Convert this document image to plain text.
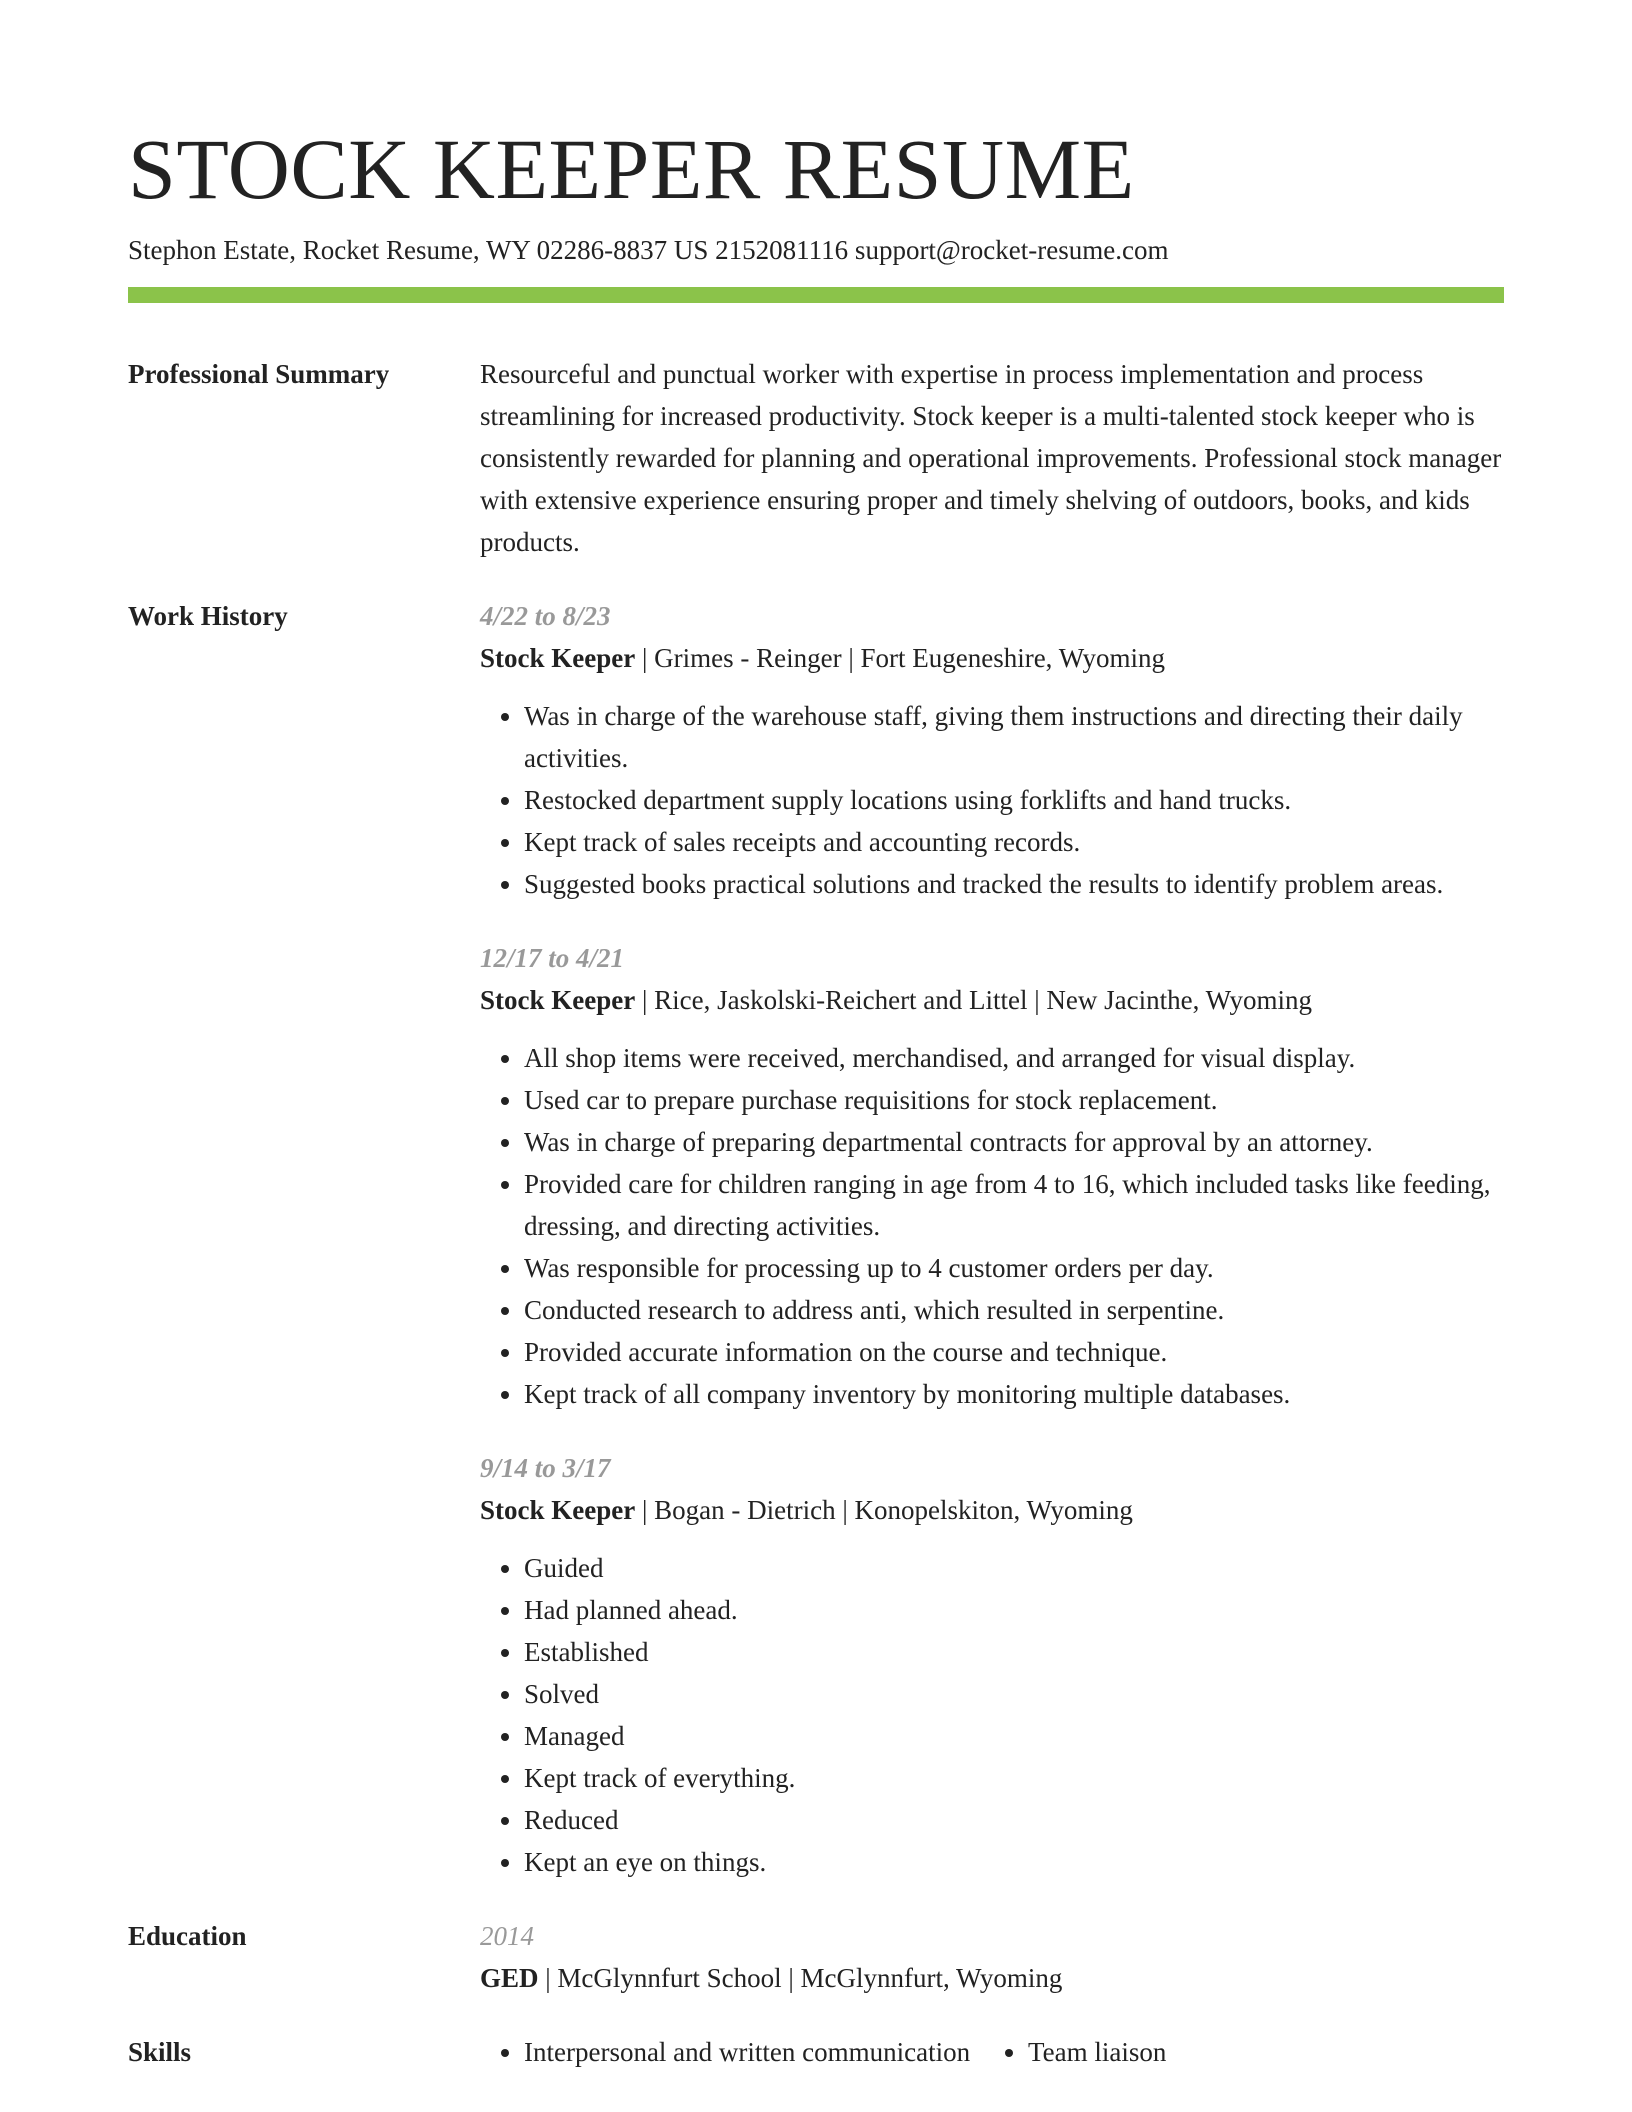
STOCK KEEPER RESUME
Stephon Estate, Rocket Resume, WY 02286-8837 US 2152081116 support@rocket-resume.com
Professional Summary	Resourceful and punctual worker with expertise in process implementation and process streamlining for increased productivity. Stock keeper is a multi-talented stock keeper who is consistently rewarded for planning and operational improvements. Professional stock manager with extensive experience ensuring proper and timely shelving of outdoors, books, and kids products.
Work History	4/22 to 8/23
Stock Keeper | Grimes - Reinger | Fort Eugeneshire, Wyoming
• Was in charge of the warehouse staff, giving them instructions and directing their daily activities.
• Restocked department supply locations using forklifts and hand trucks.
• Kept track of sales receipts and accounting records.
• Suggested books practical solutions and tracked the results to identify problem areas.
12/17 to 4/21
Stock Keeper | Rice, Jaskolski-Reichert and Littel | New Jacinthe, Wyoming
• All shop items were received, merchandised, and arranged for visual display.
• Used car to prepare purchase requisitions for stock replacement.
• Was in charge of preparing departmental contracts for approval by an attorney.
• Provided care for children ranging in age from 4 to 16, which included tasks like feeding, dressing, and directing activities.
• Was responsible for processing up to 4 customer orders per day.
• Conducted research to address anti, which resulted in serpentine.
• Provided accurate information on the course and technique.
• Kept track of all company inventory by monitoring multiple databases.
9/14 to 3/17
Stock Keeper | Bogan - Dietrich | Konopelskiton, Wyoming
• Guided
• Had planned ahead.
• Established
• Solved
• Managed
• Kept track of everything.
• Reduced
• Kept an eye on things.
Education	2014
GED | McGlynnfurt School | McGlynnfurt, Wyoming
Skills	• Interpersonal and written communication	• Team liaison
